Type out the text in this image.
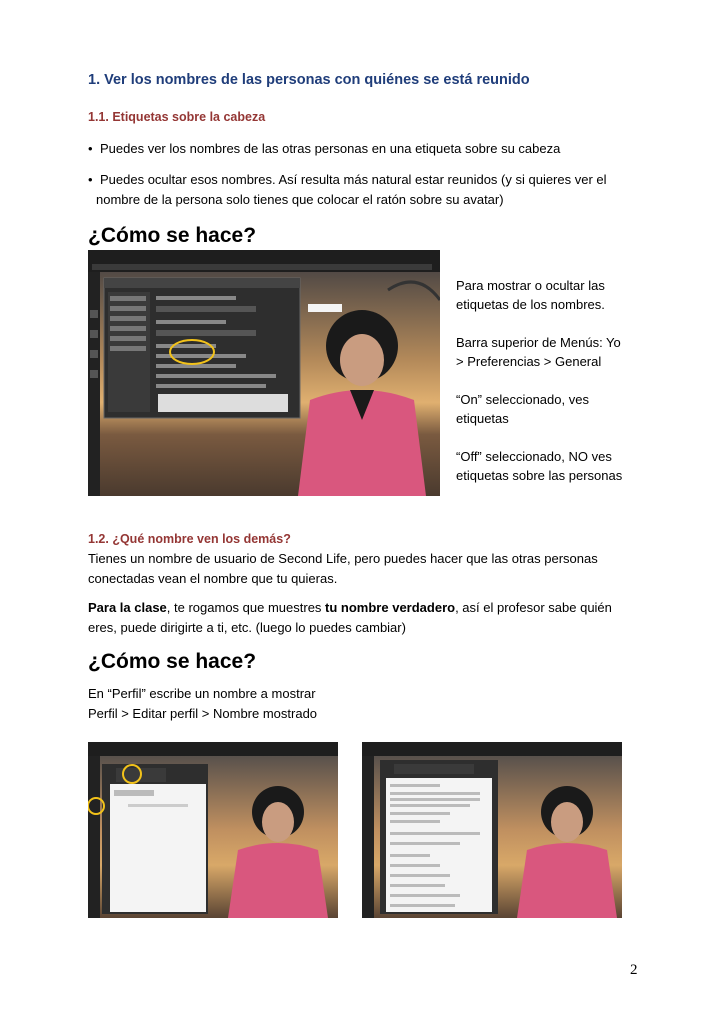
1. Ver los nombres de las personas con quiénes se está reunido
1.1. Etiquetas sobre la cabeza
• Puedes ver los nombres de las otras personas en una etiqueta sobre su cabeza
• Puedes ocultar esos nombres. Así resulta más natural estar reunidos (y si quieres ver el
nombre de la persona solo tienes que colocar el ratón sobre su avatar)
¿Cómo se hace?

Para mostrar o ocultar las etiquetas de los nombres.

Barra superior de Menús: Yo > Preferencias > General

“On” seleccionado, ves etiquetas

“Off” seleccionado, NO ves etiquetas sobre las personas

1.2. ¿Qué nombre ven los demás?
Tienes un nombre de usuario de Second Life, pero puedes hacer que las otras personas
conectadas vean el nombre que tu quieras.
Para la clase, te rogamos que muestres tu nombre verdadero, así el profesor sabe quién
eres, puede dirigirte a ti, etc. (luego lo puedes cambiar)
¿Cómo se hace?
En “Perfil” escribe un nombre a mostrar
Perfil > Editar perfil > Nombre mostrado
2
